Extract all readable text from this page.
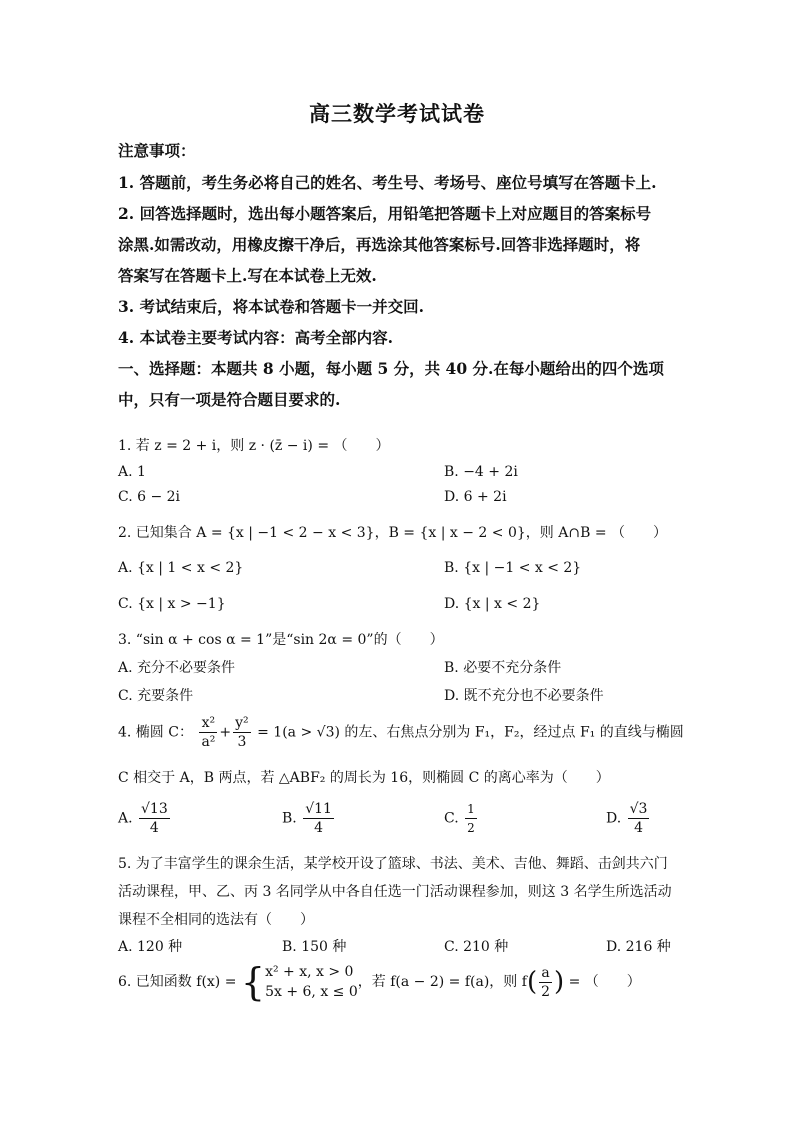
高三数学考试试卷
注意事项：
1. 答题前，考生务必将自己的姓名、考生号、考场号、座位号填写在答题卡上.
2. 回答选择题时，选出每小题答案后，用铅笔把答题卡上对应题目的答案标号
涂黑.如需改动，用橡皮擦干净后，再选涂其他答案标号.回答非选择题时，将
答案写在答题卡上.写在本试卷上无效.
3. 考试结束后，将本试卷和答题卡一并交回.
4. 本试卷主要考试内容：高考全部内容.
一、选择题：本题共 8 小题，每小题 5 分，共 40 分.在每小题给出的四个选项
中，只有一项是符合题目要求的.
1. 若 z = 2 + i，则 z · (z̄ − i) = （　　）
A. 1	B. −4 + 2i
C. 6 − 2i	D. 6 + 2i
2. 已知集合 A = {x | −1 < 2 − x < 3}，B = {x | x − 2 < 0}，则 A∩B = （　　）
A. {x | 1 < x < 2}	B. {x | −1 < x < 2}
C. {x | x > −1}	D. {x | x < 2}
3. “sin α + cos α = 1”是“sin 2α = 0”的（　　）
A. 充分不必要条件	B. 必要不充分条件
C. 充要条件	D. 既不充分也不必要条件
4. 椭圆 C： $\frac{\text{x²}}{\text{a²}} + \frac{\text{y²}}{3} = 1(a > √3)$ 的左、右焦点分别为 F₁，F₂，经过点 F₁ 的直线与椭圆
C 相交于 A，B 两点，若 △ABF₂ 的周长为 16，则椭圆 C 的离心率为（　　）
A. $\frac{√13}{4}$	B. $\frac{√11}{4}$	C. $\frac{1}{2}$	D. $\frac{√3}{4}$
5. 为了丰富学生的课余生活，某学校开设了篮球、书法、美术、吉他、舞蹈、击剑共六门
活动课程，甲、乙、丙 3 名同学从中各自任选一门活动课程参加，则这 3 名学生所选活动
课程不全相同的选法有（　　）
A. 120 种	B. 150 种	C. 210 种	D. 216 种
6. 已知函数 f(x) = { x² + x, x > 0
5x + 6, x ≤ 0
，若 f(a − 2) = f(a)，则 $f( \frac{a}{2}$ ) = （　　）
